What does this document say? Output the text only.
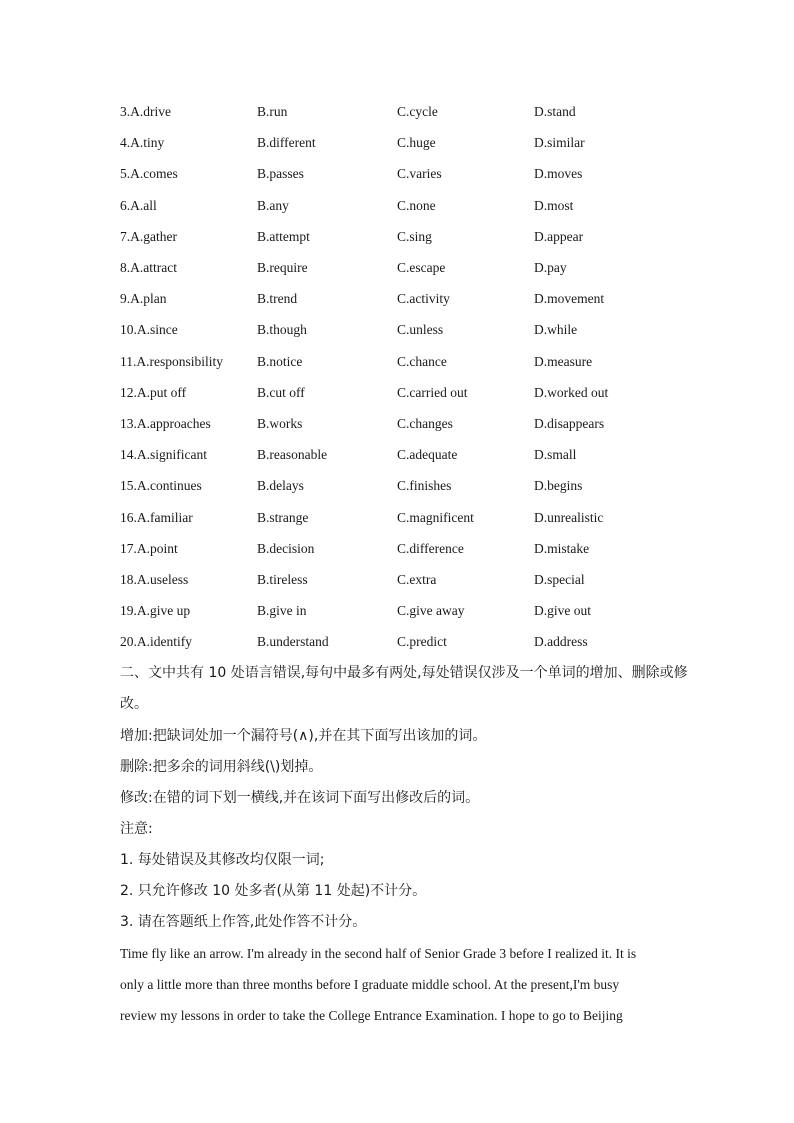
3.A.drive	B.run	C.cycle	D.stand
4.A.tiny	B.different	C.huge	D.similar
5.A.comes	B.passes	C.varies	D.moves
6.A.all	B.any	C.none	D.most
7.A.gather	B.attempt	C.sing	D.appear
8.A.attract	B.require	C.escape	D.pay
9.A.plan	B.trend	C.activity	D.movement
10.A.since	B.though	C.unless	D.while
11.A.responsibility	B.notice	C.chance	D.measure
12.A.put off	B.cut off	C.carried out	D.worked out
13.A.approaches	B.works	C.changes	D.disappears
14.A.significant	B.reasonable	C.adequate	D.small
15.A.continues	B.delays	C.finishes	D.begins
16.A.familiar	B.strange	C.magnificent	D.unrealistic
17.A.point	B.decision	C.difference	D.mistake
18.A.useless	B.tireless	C.extra	D.special
19.A.give up	B.give in	C.give away	D.give out
20.A.identify	B.understand	C.predict	D.address
二、文中共有 10 处语言错误,每句中最多有两处,每处错误仅涉及一个单词的增加、删除或修
改。
增加:把缺词处加一个漏符号(∧),并在其下面写出该加的词。
删除:把多余的词用斜线(\)划掉。
修改:在错的词下划一横线,并在该词下面写出修改后的词。
注意:
1. 每处错误及其修改均仅限一词;
2. 只允许修改 10 处多者(从第 11 处起)不计分。
3. 请在答题纸上作答,此处作答不计分。
Time fly like an arrow. I'm already in the second half of Senior Grade 3 before I realized it. It is
only a little more than three months before I graduate middle school. At the present,I'm busy
review my lessons in order to take the College Entrance Examination. I hope to go to Beijing
